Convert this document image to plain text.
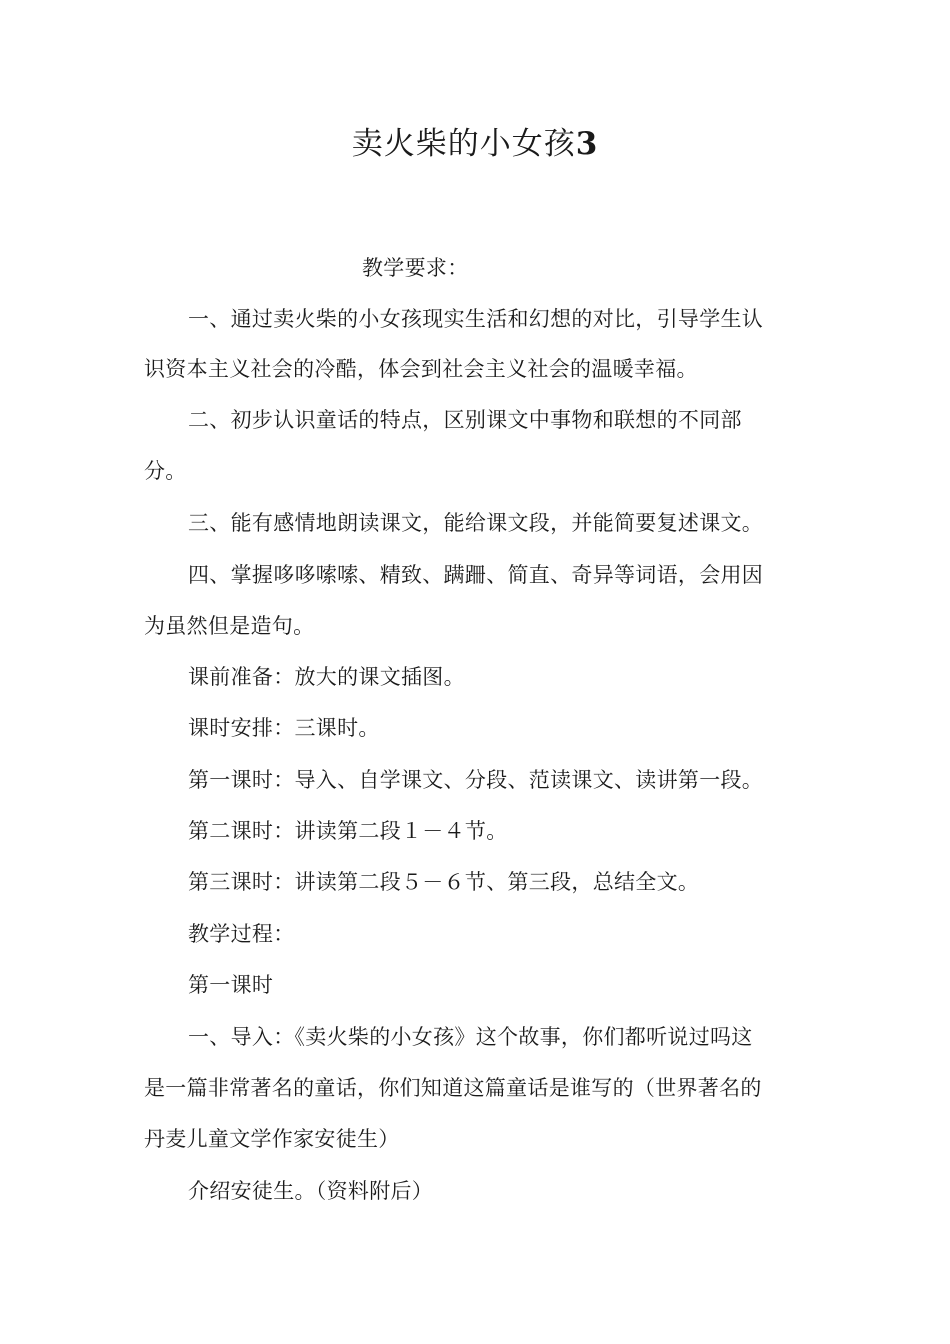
卖火柴的小女孩3
教学要求：
一、通过卖火柴的小女孩现实生活和幻想的对比，引导学生认
识资本主义社会的冷酷，体会到社会主义社会的温暖幸福。
二、初步认识童话的特点，区别课文中事物和联想的不同部
分。
三、能有感情地朗读课文，能给课文段，并能简要复述课文。
四、掌握哆哆嗦嗦、精致、蹒跚、简直、奇异等词语，会用因
为虽然但是造句。
课前准备：放大的课文插图。
课时安排：三课时。
第一课时：导入、自学课文、分段、范读课文、读讲第一段。
第二课时：讲读第二段１－４节。
第三课时：讲读第二段５－６节、第三段，总结全文。
教学过程：
第一课时
一、导入：《卖火柴的小女孩》这个故事，你们都听说过吗这
是一篇非常著名的童话，你们知道这篇童话是谁写的（世界著名的
丹麦儿童文学作家安徒生）
介绍安徒生。（资料附后）
